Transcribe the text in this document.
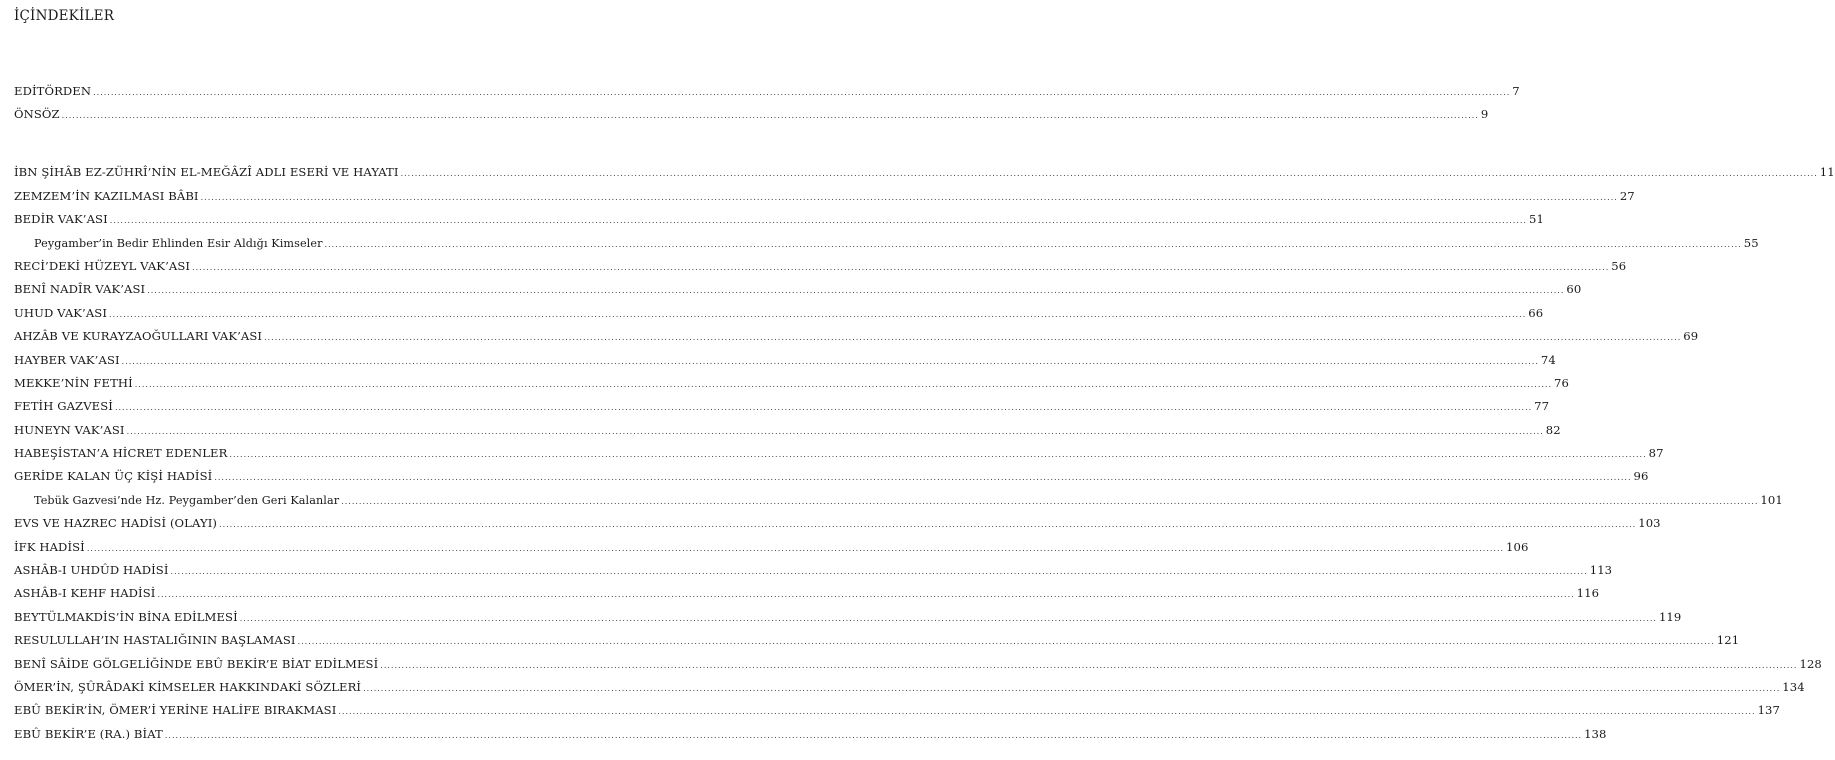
İÇİNDEKİLER
EDİTÖRDEN ................................................................................................................................................................................................................................................................................................................................................................................................................ 7
ÖNSÖZ ................................................................................................................................................................................................................................................................................................................................................................................................................ 9
İBN ŞİHÂB EZ-ZÜHRÎ’NİN EL-MEĞÂZÎ ADLI ESERİ VE HAYATI ................................................................................................................................................................................................................................................................................................................................................................................................................ 11
ZEMZEM’İN KAZILMASI BÂBI ................................................................................................................................................................................................................................................................................................................................................................................................................ 27
BEDİR VAK’ASI ................................................................................................................................................................................................................................................................................................................................................................................................................ 51
Peygamber’in Bedir Ehlinden Esir Aldığı Kimseler ................................................................................................................................................................................................................................................................................................................................................................................................................ 55
RECİ’DEKİ HÜZEYL VAK’ASI ................................................................................................................................................................................................................................................................................................................................................................................................................ 56
BENÎ NADÎR VAK’ASI ................................................................................................................................................................................................................................................................................................................................................................................................................ 60
UHUD VAK’ASI ................................................................................................................................................................................................................................................................................................................................................................................................................ 66
AHZÂB VE KURAYZAOĞULLARI VAK’ASI ................................................................................................................................................................................................................................................................................................................................................................................................................ 69
HAYBER VAK’ASI ................................................................................................................................................................................................................................................................................................................................................................................................................ 74
MEKKE’NİN FETHİ ................................................................................................................................................................................................................................................................................................................................................................................................................ 76
FETİH GAZVESİ ................................................................................................................................................................................................................................................................................................................................................................................................................ 77
HUNEYN VAK’ASI ................................................................................................................................................................................................................................................................................................................................................................................................................ 82
HABEŞİSTAN’A HİCRET EDENLER ................................................................................................................................................................................................................................................................................................................................................................................................................ 87
GERİDE KALAN ÜÇ KİŞİ HADİSİ ................................................................................................................................................................................................................................................................................................................................................................................................................ 96
Tebük Gazvesi’nde Hz. Peygamber’den Geri Kalanlar ................................................................................................................................................................................................................................................................................................................................................................................................................ 101
EVS VE HAZREC HADİSİ (OLAYI) ................................................................................................................................................................................................................................................................................................................................................................................................................ 103
İFK HADİSİ ................................................................................................................................................................................................................................................................................................................................................................................................................ 106
ASHÂB-I UHDÛD HADİSİ ................................................................................................................................................................................................................................................................................................................................................................................................................ 113
ASHÂB-I KEHF HADİSİ ................................................................................................................................................................................................................................................................................................................................................................................................................ 116
BEYTÜLMAKDİS’İN BİNA EDİLMESİ ................................................................................................................................................................................................................................................................................................................................................................................................................ 119
RESULULLAH’IN HASTALIĞININ BAŞLAMASI ................................................................................................................................................................................................................................................................................................................................................................................................................ 121
BENÎ SÂİDE GÖLGELİĞİNDE EBÛ BEKİR’E BİAT EDİLMESİ ................................................................................................................................................................................................................................................................................................................................................................................................................ 128
ÖMER’İN, ŞÛRÂDAKİ KİMSELER HAKKINDAKİ SÖZLERİ ................................................................................................................................................................................................................................................................................................................................................................................................................ 134
EBÛ BEKİR’İN, ÖMER’İ YERİNE HALİFE BIRAKMASI ................................................................................................................................................................................................................................................................................................................................................................................................................ 137
EBÛ BEKİR’E (RA.) BİAT ................................................................................................................................................................................................................................................................................................................................................................................................................ 138
